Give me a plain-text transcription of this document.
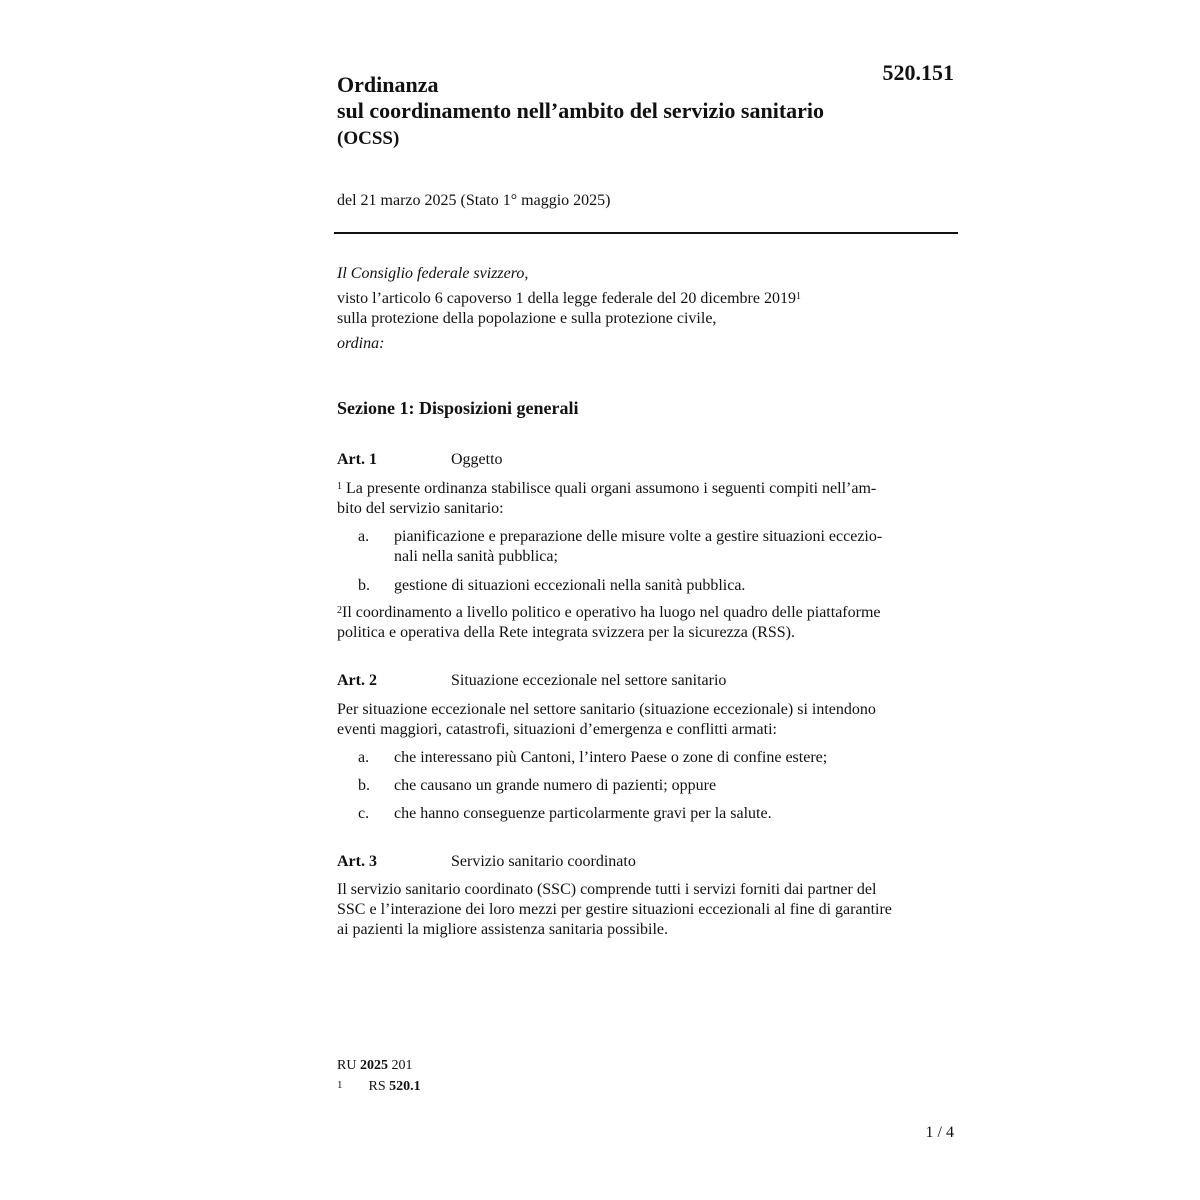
520.151
Ordinanza
sul coordinamento nell’ambito del servizio sanitario
(OCSS)
del 21 marzo 2025 (Stato 1° maggio 2025)

Il Consiglio federale svizzero,

visto l’articolo 6 capoverso 1 della legge federale del 20 dicembre 2019$^1$

sulla protezione della popolazione e sulla protezione civile,

ordina:

Sezione 1: Disposizioni generali
Art. 1	Oggetto
$^1$ La presente ordinanza stabilisce quali organi assumono i seguenti compiti nell’am-
bito del servizio sanitario:
a. pianificazione e preparazione delle misure volte a gestire situazioni eccezio-
nali nella sanità pubblica;
b. gestione di situazioni eccezionali nella sanità pubblica.
$^2$Il coordinamento a livello politico e operativo ha luogo nel quadro delle piattaforme
politica e operativa della Rete integrata svizzera per la sicurezza (RSS).
Art. 2	Situazione eccezionale nel settore sanitario
Per situazione eccezionale nel settore sanitario (situazione eccezionale) si intendono
eventi maggiori, catastrofi, situazioni d’emergenza e conflitti armati:
a. che interessano più Cantoni, l’intero Paese o zone di confine estere;
b. che causano un grande numero di pazienti; oppure
c. che hanno conseguenze particolarmente gravi per la salute.
Art. 3	Servizio sanitario coordinato
Il servizio sanitario coordinato (SSC) comprende tutti i servizi forniti dai partner del
SSC e l’interazione dei loro mezzi per gestire situazioni eccezionali al fine di garantire
ai pazienti la migliore assistenza sanitaria possibile.
RU 2025 201
$^1$ RS 520.1
1 / 4
